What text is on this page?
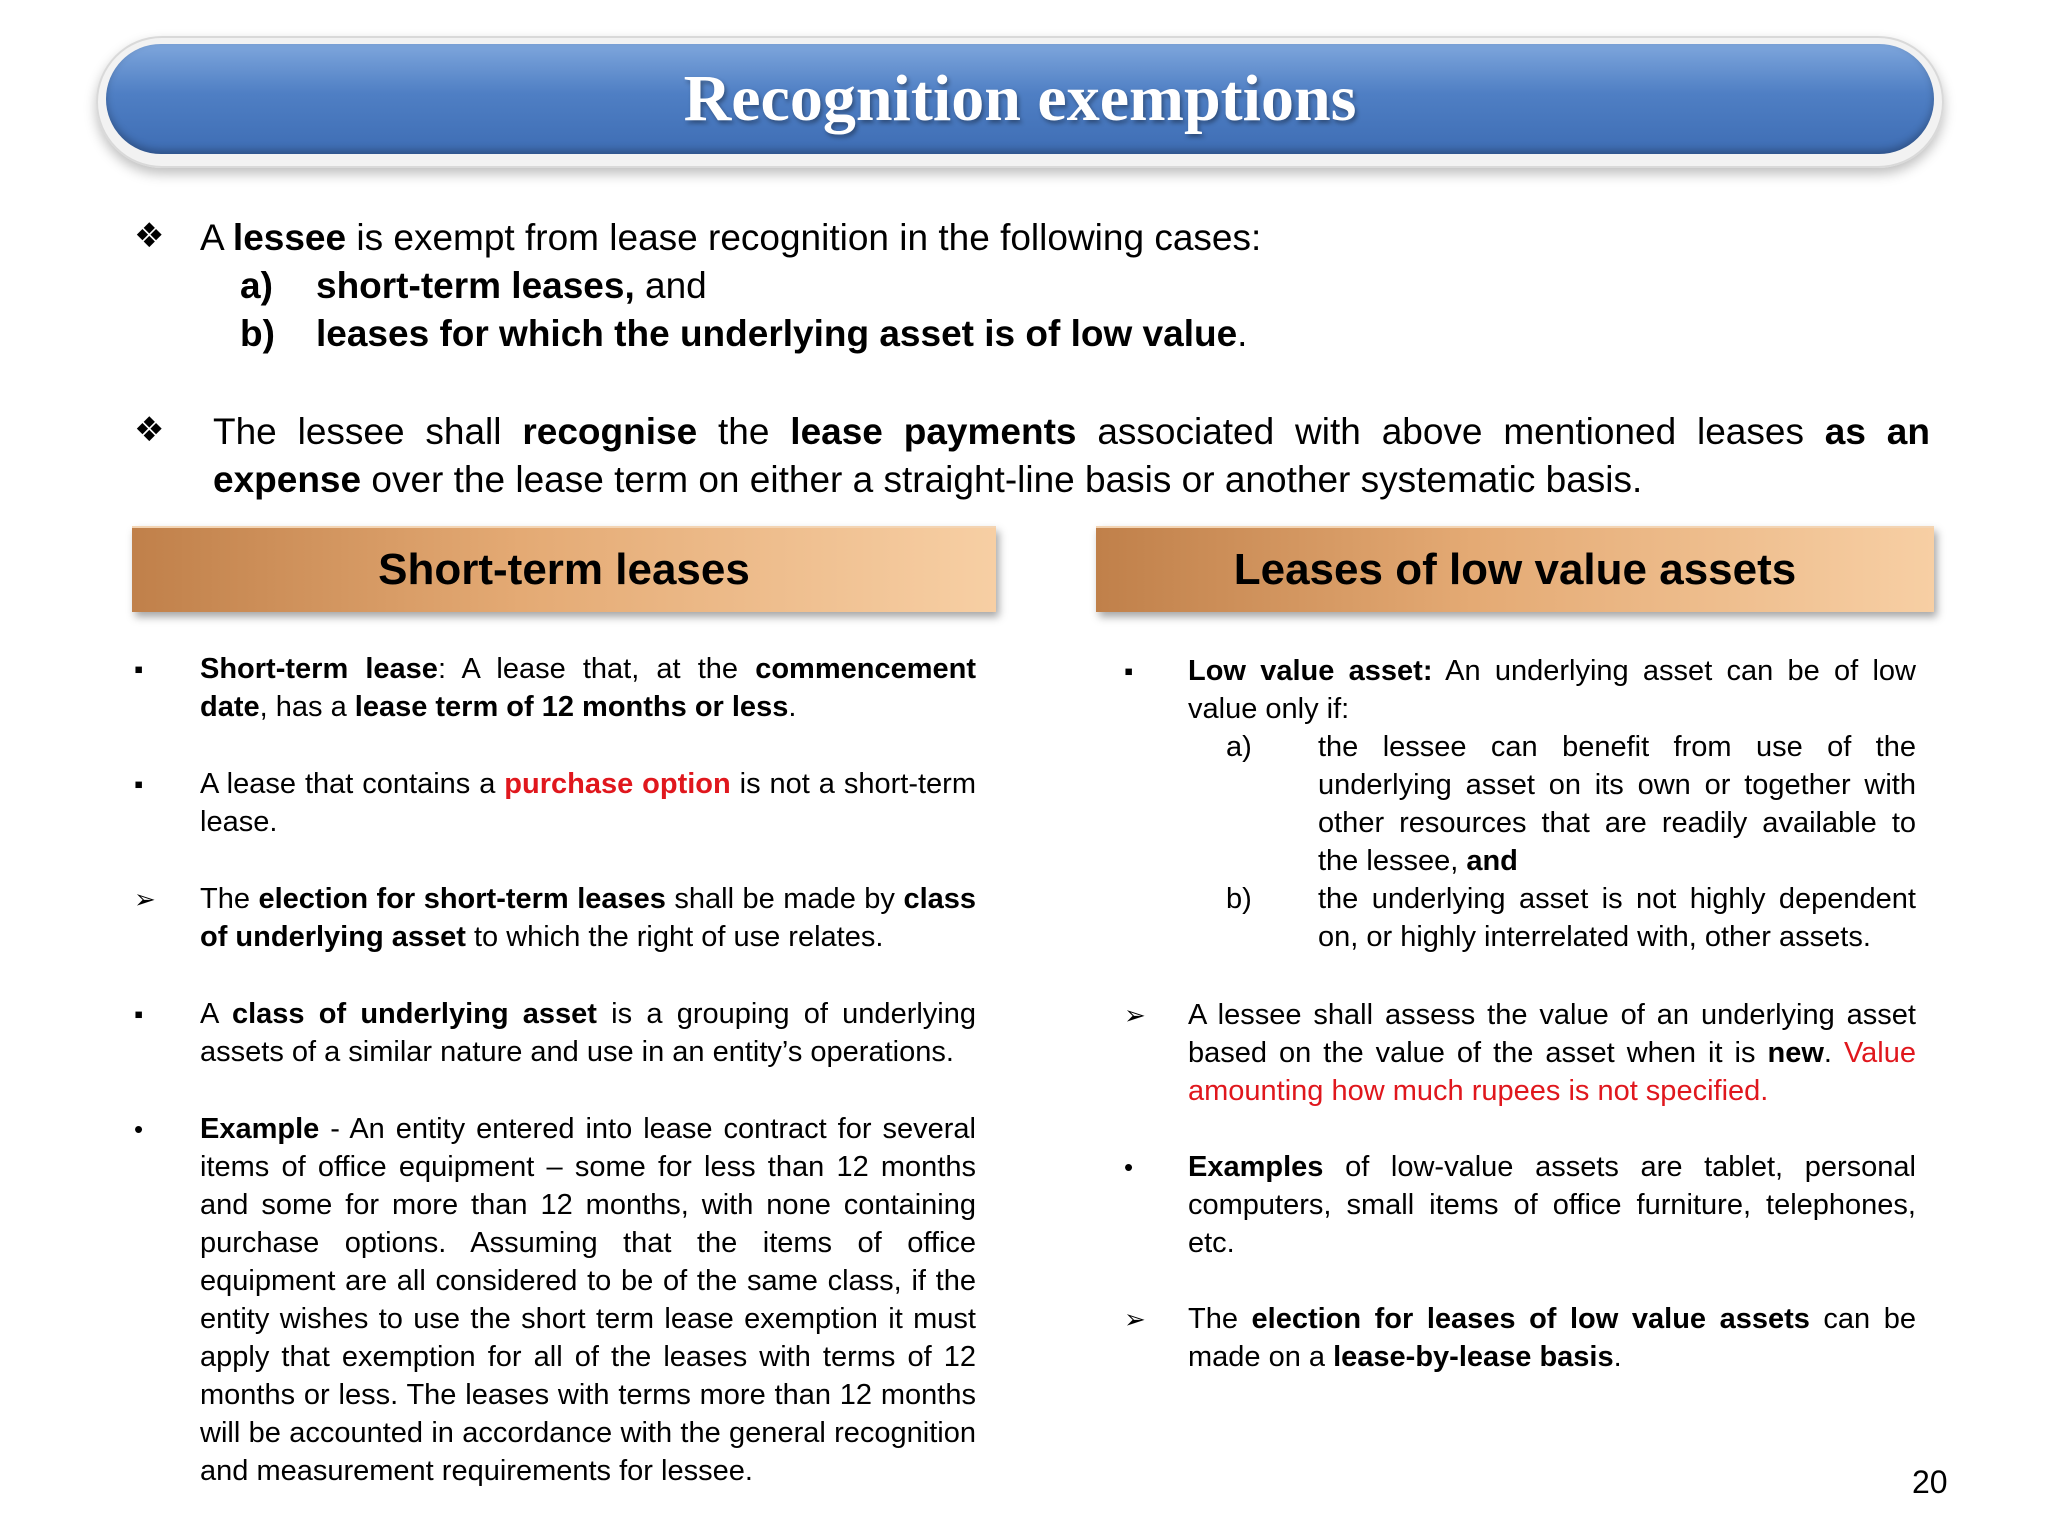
Recognition exemptions
❖ A lessee is exempt from lease recognition in the following cases:
a) short-term leases, and
b) leases for which the underlying asset is of low value.
❖ The lessee shall recognise the lease payments associated with above mentioned leases as an expense over the lease term on either a straight-line basis or another systematic basis.
Short-term leases	Leases of low value assets
▪ Short-term lease: A lease that, at the commencement date, has a lease term of 12 months or less.
▪ A lease that contains a purchase option is not a short-term lease.
➢ The election for short-term leases shall be made by class of underlying asset to which the right of use relates.
▪ A class of underlying asset is a grouping of underlying assets of a similar nature and use in an entity’s operations.
• Example - An entity entered into lease contract for several items of office equipment – some for less than 12 months and some for more than 12 months, with none containing purchase options. Assuming that the items of office equipment are all considered to be of the same class, if the entity wishes to use the short term lease exemption it must apply that exemption for all of the leases with terms of 12 months or less. The leases with terms more than 12 months will be accounted in accordance with the general recognition and measurement requirements for lessee.
▪ Low value asset: An underlying asset can be of low value only if:
a) the lessee can benefit from use of the underlying asset on its own or together with other resources that are readily available to the lessee, and
b) the underlying asset is not highly dependent on, or highly interrelated with, other assets.
➢ A lessee shall assess the value of an underlying asset based on the value of the asset when it is new. Value amounting how much rupees is not specified.
• Examples of low-value assets are tablet, personal computers, small items of office furniture, telephones, etc.
➢ The election for leases of low value assets can be made on a lease-by-lease basis.
20
